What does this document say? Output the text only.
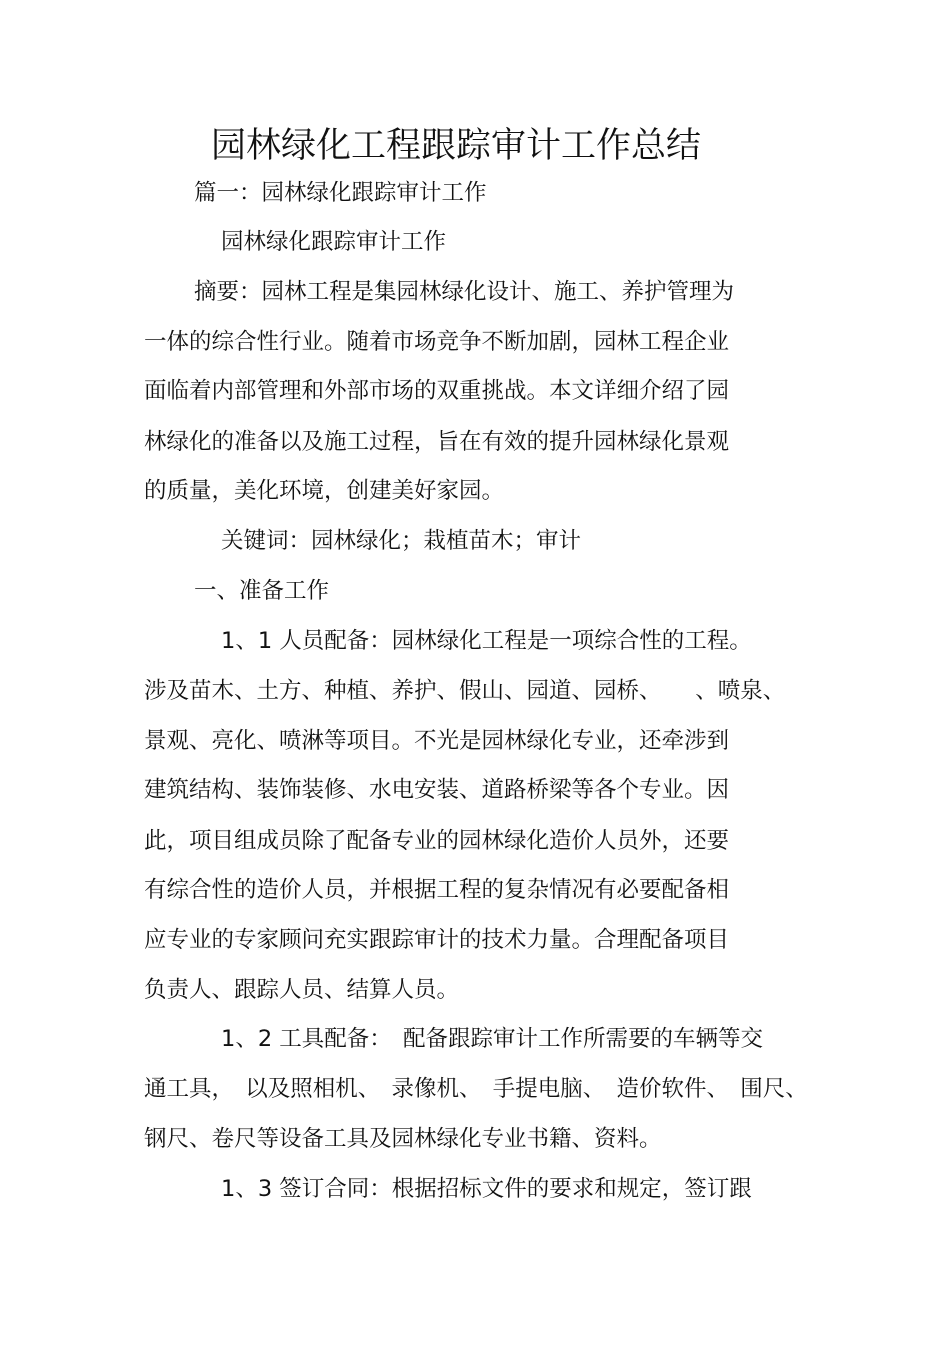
园林绿化工程跟踪审计工作总结
篇一：园林绿化跟踪审计工作
园林绿化跟踪审计工作
摘要：园林工程是集园林绿化设计、施工、养护管理为
一体的综合性行业。随着市场竞争不断加剧，园林工程企业
面临着内部管理和外部市场的双重挑战。本文详细介绍了园
林绿化的准备以及施工过程，旨在有效的提升园林绿化景观
的质量，美化环境，创建美好家园。
关键词：园林绿化；栽植苗木；审计
一、准备工作
1、1 人员配备：园林绿化工程是一项综合性的工程。
涉及苗木、土方、种植、养护、假山、园道、园桥、　　、喷泉、
景观、亮化、喷淋等项目。不光是园林绿化专业，还牵涉到
建筑结构、装饰装修、水电安装、道路桥梁等各个专业。因
此，项目组成员除了配备专业的园林绿化造价人员外，还要
有综合性的造价人员，并根据工程的复杂情况有必要配备相
应专业的专家顾问充实跟踪审计的技术力量。合理配备项目
负责人、跟踪人员、结算人员。
1、2 工具配备：　配备跟踪审计工作所需要的车辆等交
通工具，　以及照相机、　录像机、　手提电脑、　造价软件、　围尺、
钢尺、卷尺等设备工具及园林绿化专业书籍、资料。
1、3 签订合同：根据招标文件的要求和规定，签订跟
